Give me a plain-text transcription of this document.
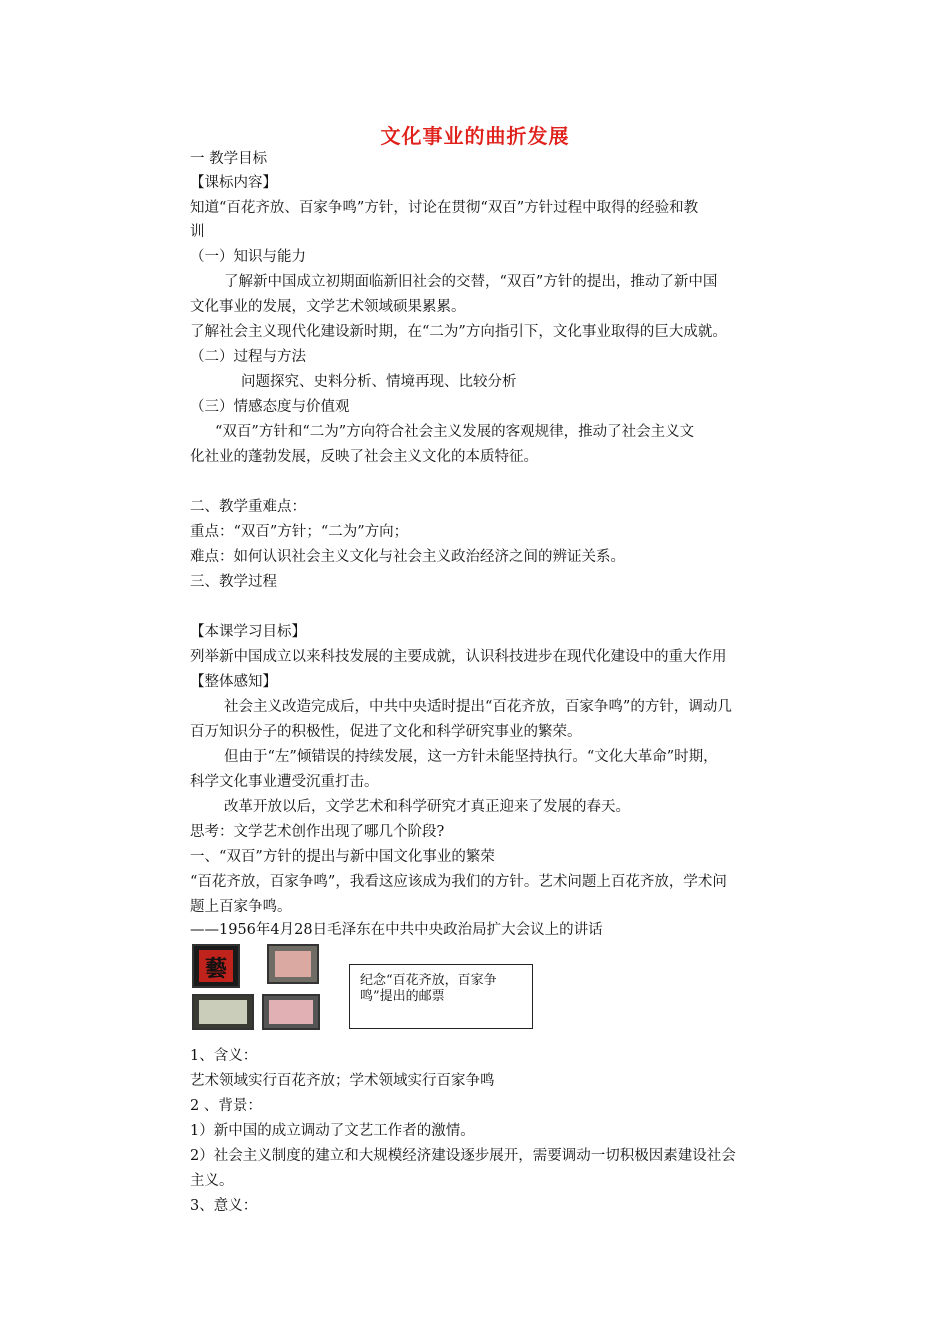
文化事业的曲折发展
一 教学目标
【课标内容】
知道“百花齐放、百家争鸣”方针，讨论在贯彻“双百”方针过程中取得的经验和教
训
（一）知识与能力
了解新中国成立初期面临新旧社会的交替，“双百”方针的提出，推动了新中国
文化事业的发展，文学艺术领域硕果累累。
了解社会主义现代化建设新时期，在“二为”方向指引下，文化事业取得的巨大成就。
（二）过程与方法
问题探究、史料分析、情境再现、比较分析
（三）情感态度与价值观
“双百”方针和“二为”方向符合社会主义发展的客观规律，推动了社会主义文
化社业的蓬勃发展，反映了社会主义文化的本质特征。
二、教学重难点：
重点：“双百”方针；“二为”方向；
难点：如何认识社会主义文化与社会主义政治经济之间的辨证关系。
三、教学过程
【本课学习目标】
列举新中国成立以来科技发展的主要成就，认识科技进步在现代化建设中的重大作用
【整体感知】
社会主义改造完成后，中共中央适时提出“百花齐放，百家争鸣”的方针，调动几
百万知识分子的积极性，促进了文化和科学研究事业的繁荣。
但由于“左”倾错误的持续发展，这一方针未能坚持执行。“文化大革命”时期，
科学文化事业遭受沉重打击。
改革开放以后，文学艺术和科学研究才真正迎来了发展的春天。
思考：文学艺术创作出现了哪几个阶段?
一、“双百”方针的提出与新中国文化事业的繁荣
“百花齐放，百家争鸣”，我看这应该成为我们的方针。艺术问题上百花齐放，学术问
题上百家争鸣。
——1956年4月28日毛泽东在中共中央政治局扩大会议上的讲话
藝	纪念“百花齐放，百家争鸣”提出的邮票
1、含义：
艺术领域实行百花齐放；学术领域实行百家争鸣
2 、背景：
1）新中国的成立调动了文艺工作者的激情。
2）社会主义制度的建立和大规模经济建设逐步展开，需要调动一切积极因素建设社会
主义。
3、意义：
